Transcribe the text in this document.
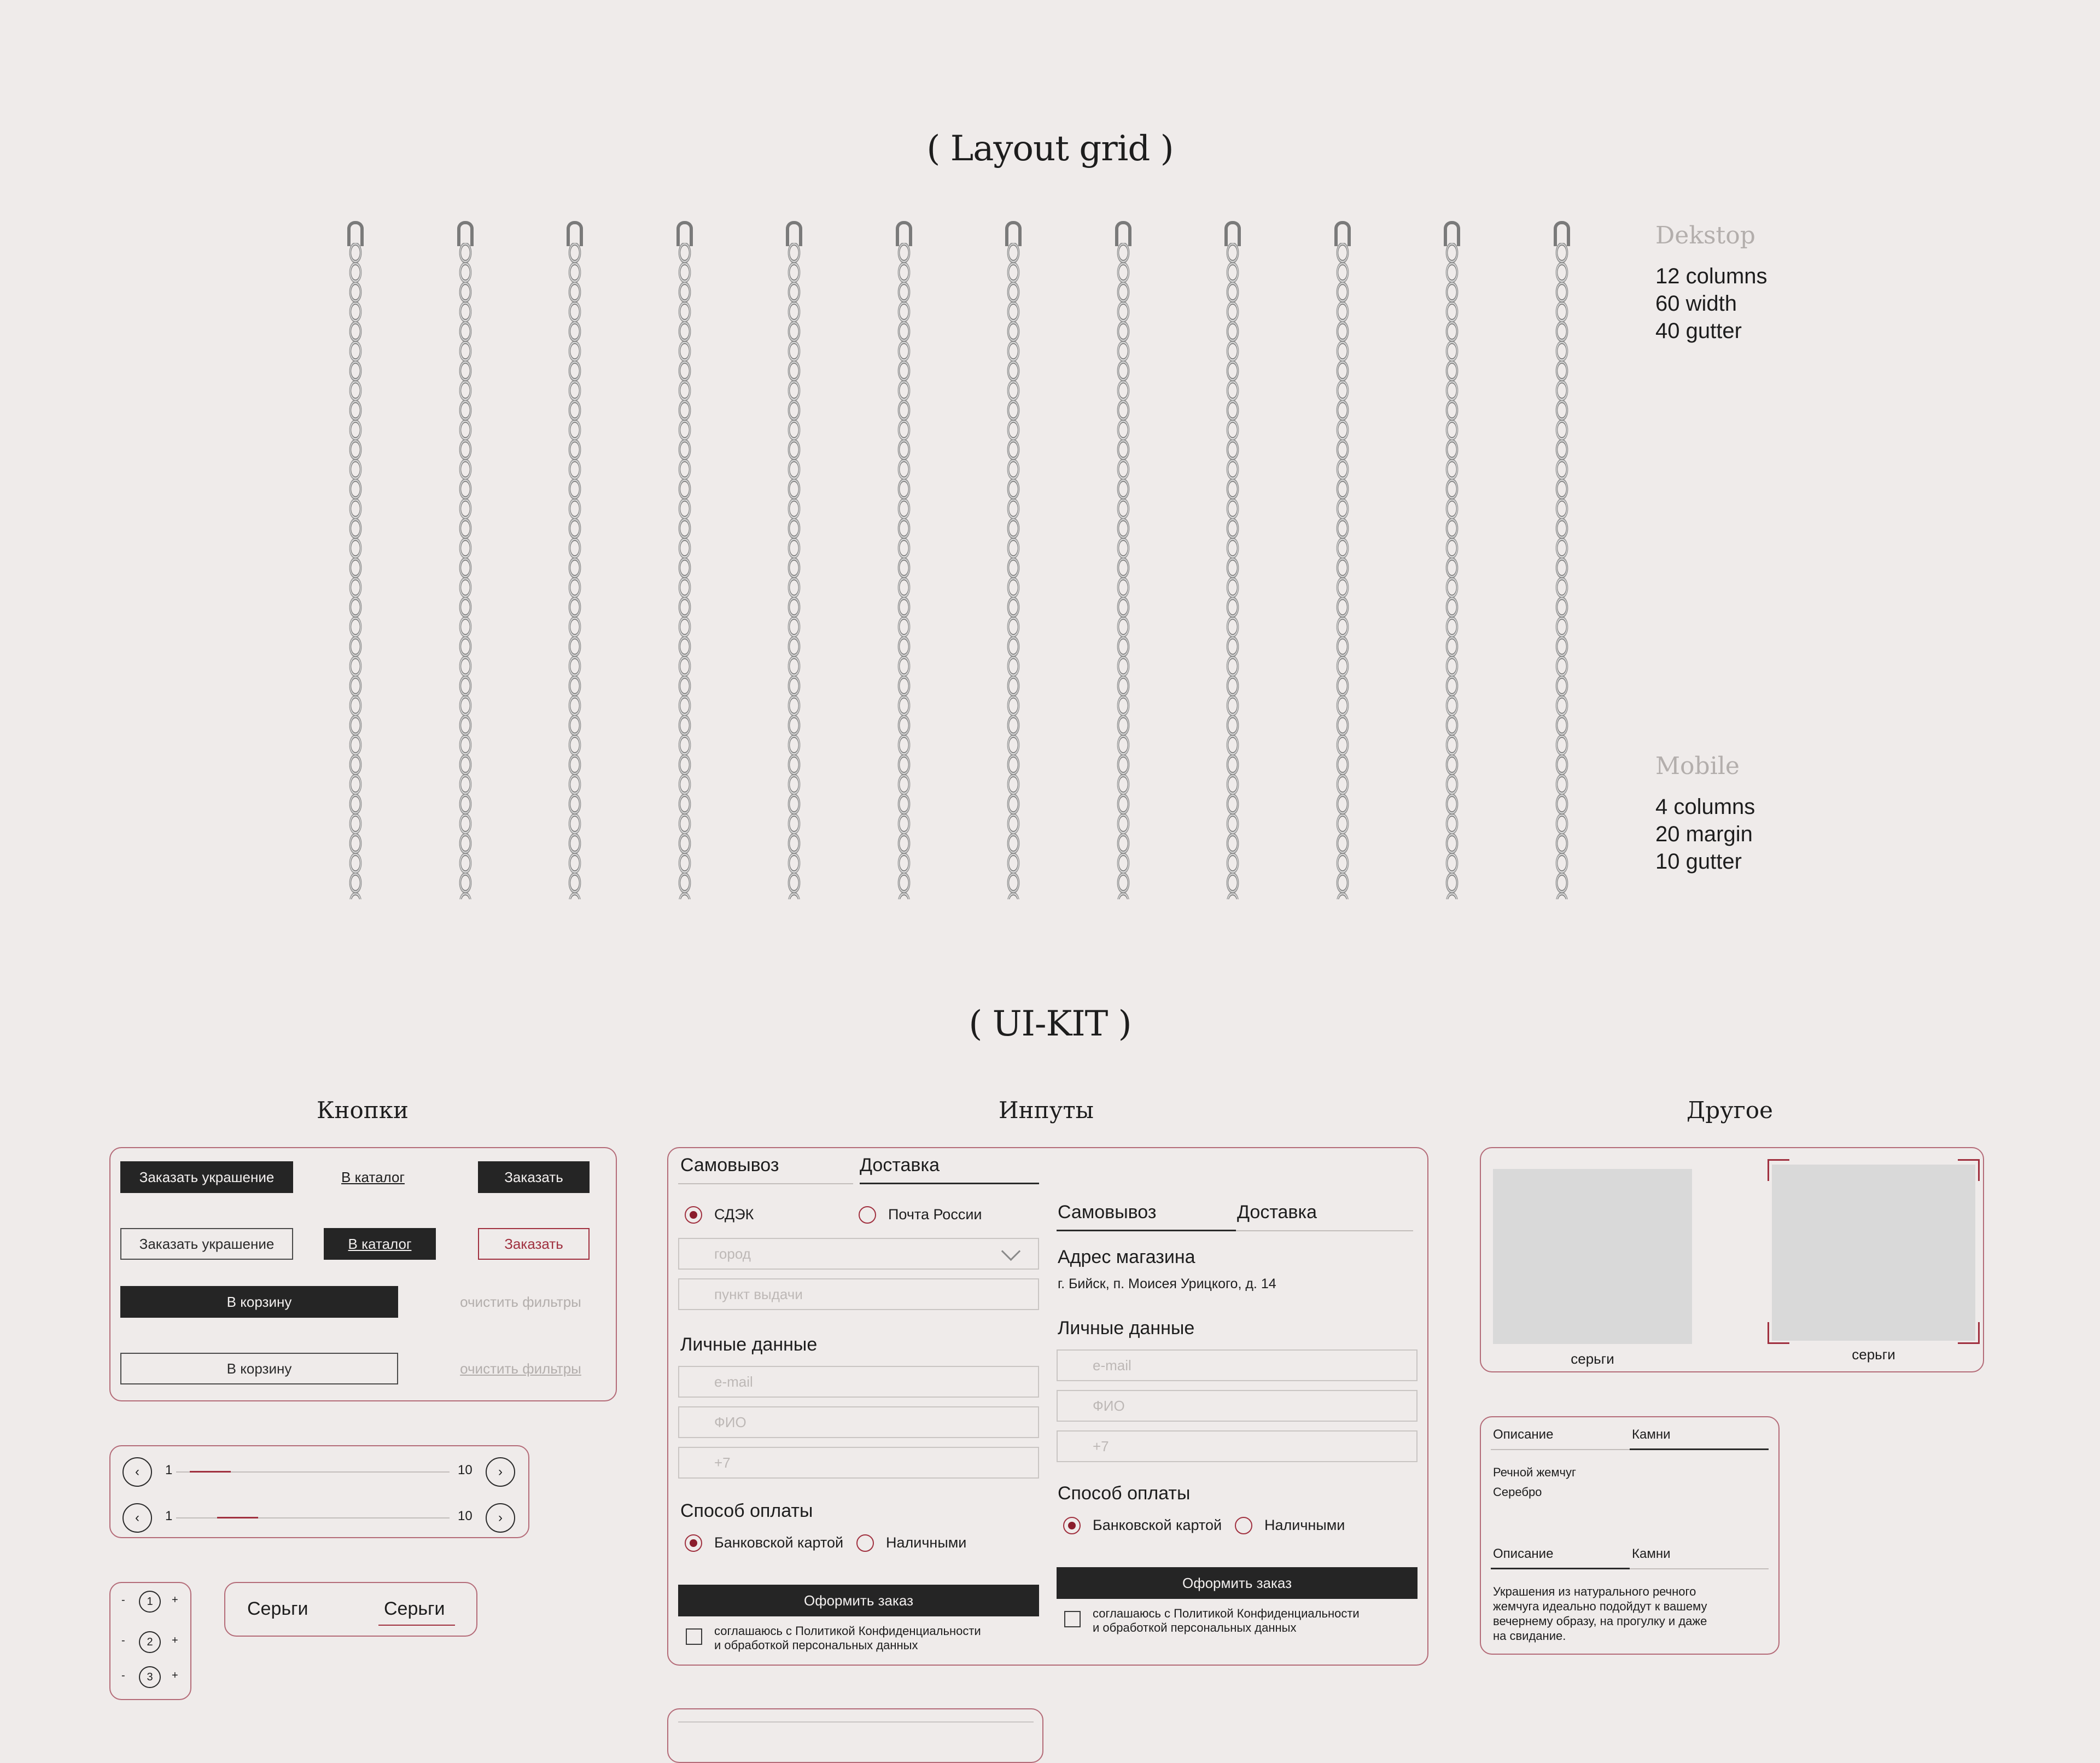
( Layout grid )
Dekstop
12 columns
60 width
40 gutter
Mobile
4 columns
20 margin
10 gutter
( UI-KIT )
Кнопки	Инпуты	Другое
Заказать украшение	В каталог	Заказать
Заказать украшение	В каталог	Заказать
В корзину	очистить фильтры
В корзину	очистить фильтры
‹ 1	10 ›
‹ 1	10 ›
-	1	+
-	2	+
-	3	+
Серьги	Серьги
Самовывоз	Доставка
СДЭК	Почта России
город
пункт выдачи
Личные данные
e-mail
ФИО
+7
Способ оплаты
Банковской картой	Наличными
Оформить заказ
соглашаюсь с Политикой Конфиденциальности
и обработкой персональных данных
Самовывоз	Доставка
Адрес магазина
г. Бийск, п. Моисея Урицкого, д. 14
Личные данные
e-mail
ФИО
+7
Способ оплаты
Банковской картой	Наличными
Оформить заказ
соглашаюсь с Политикой Конфиденциальности
и обработкой персональных данных
серьги	серьги
Описание	Камни
Речной жемчуг
Серебро
Описание	Камни
Украшения из натурального речного
жемчуга идеально подойдут к вашему
вечернему образу, на прогулку и даже
на свидание.
